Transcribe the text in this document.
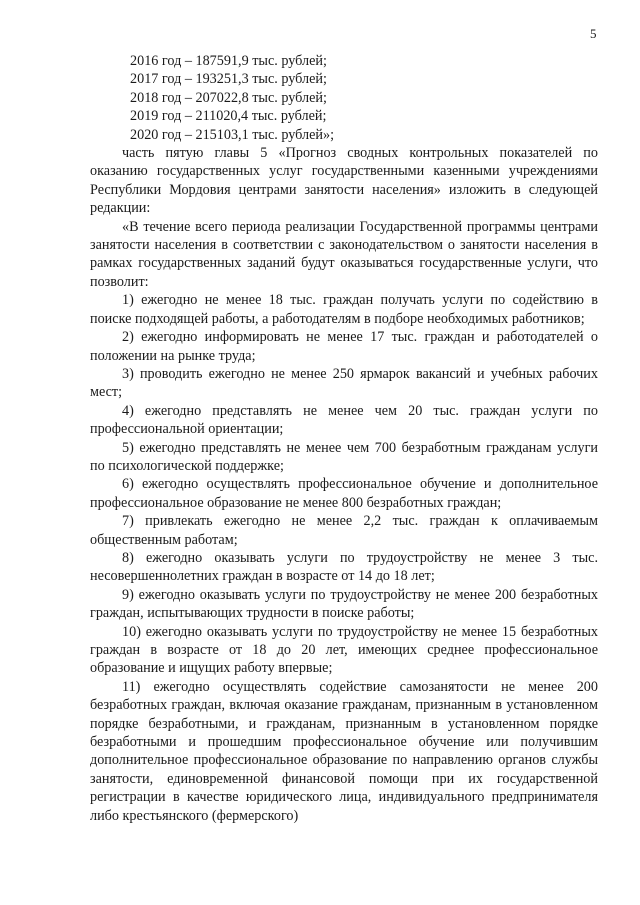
5

2016 год – 187591,9 тыс. рублей;

2017 год – 193251,3 тыс. рублей;

2018 год – 207022,8 тыс. рублей;

2019 год – 211020,4 тыс. рублей;

2020 год – 215103,1 тыс. рублей»;

часть пятую главы 5 «Прогноз сводных контрольных показателей по оказанию государственных услуг государственными казенными учреждениями Республики Мордовия центрами занятости населения» изложить в следующей редакции:

«В течение всего периода реализации Государственной программы центрами занятости населения в соответствии с законодательством о занятости населения в рамках государственных заданий будут оказываться государственные услуги, что позволит:

1) ежегодно не менее 18 тыс. граждан получать услуги по содействию в поиске подходящей работы, а работодателям в подборе необходимых работников;

2) ежегодно информировать не менее 17 тыс. граждан и работодателей о положении на рынке труда;

3) проводить ежегодно не менее 250 ярмарок вакансий и учебных рабочих мест;

4) ежегодно представлять не менее чем 20 тыс. граждан услуги по профессиональной ориентации;

5) ежегодно представлять не менее чем 700 безработным гражданам услуги по психологической поддержке;

6) ежегодно осуществлять профессиональное обучение и дополнительное профессиональное образование не менее 800 безработных граждан;

7) привлекать ежегодно не менее 2,2 тыс. граждан к оплачиваемым общественным работам;

8) ежегодно оказывать услуги по трудоустройству не менее 3 тыс. несовершеннолетних граждан в возрасте от 14 до 18 лет;

9) ежегодно оказывать услуги по трудоустройству не менее 200 безработных граждан, испытывающих трудности в поиске работы;

10) ежегодно оказывать услуги по трудоустройству не менее 15 безработных граждан в возрасте от 18 до 20 лет, имеющих среднее профессиональное образование и ищущих работу впервые;

11) ежегодно осуществлять содействие самозанятости не менее 200 безработных граждан, включая оказание гражданам, признанным в установленном порядке безработными, и гражданам, признанным в установленном порядке безработными и прошедшим профессиональное обучение или получившим дополнительное профессиональное образование по направлению органов службы занятости, единовременной финансовой помощи при их государственной регистрации в качестве юридического лица, индивидуального предпринимателя либо крестьянского (фермерского)
